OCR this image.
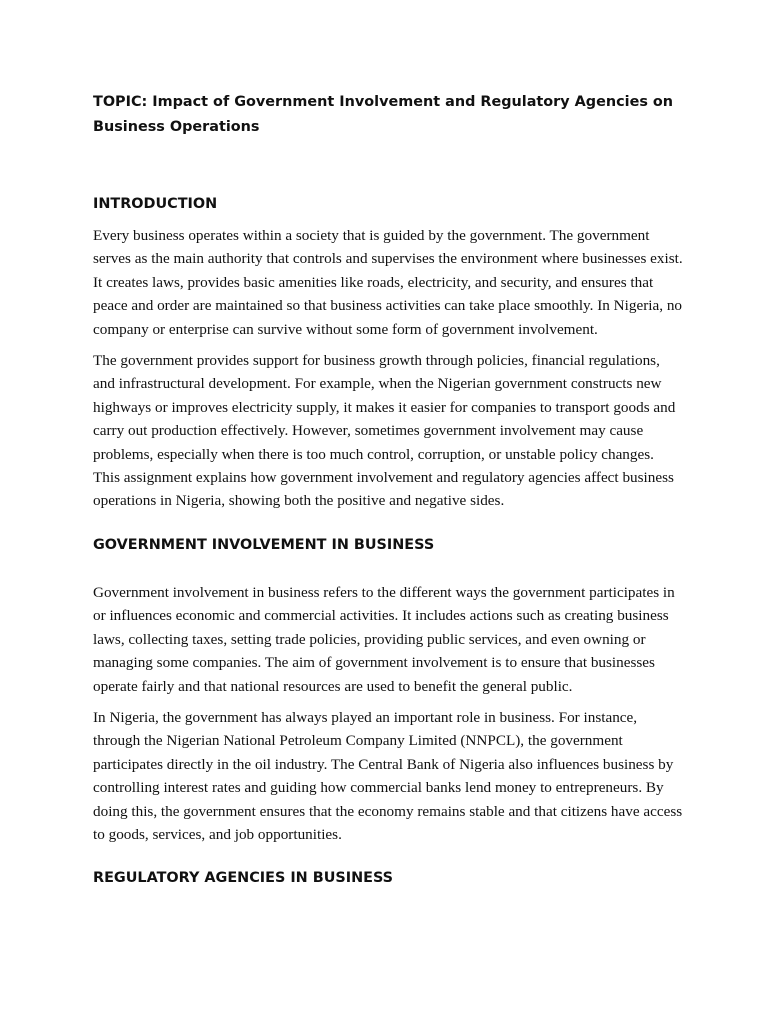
TOPIC: Impact of Government Involvement and Regulatory Agencies on Business Operations
INTRODUCTION

Every business operates within a society that is guided by the government. The government serves as the main authority that controls and supervises the environment where businesses exist. It creates laws, provides basic amenities like roads, electricity, and security, and ensures that peace and order are maintained so that business activities can take place smoothly. In Nigeria, no company or enterprise can survive without some form of government involvement.

The government provides support for business growth through policies, financial regulations, and infrastructural development. For example, when the Nigerian government constructs new highways or improves electricity supply, it makes it easier for companies to transport goods and carry out production effectively. However, sometimes government involvement may cause problems, especially when there is too much control, corruption, or unstable policy changes. This assignment explains how government involvement and regulatory agencies affect business operations in Nigeria, showing both the positive and negative sides.

GOVERNMENT INVOLVEMENT IN BUSINESS

Government involvement in business refers to the different ways the government participates in or influences economic and commercial activities. It includes actions such as creating business laws, collecting taxes, setting trade policies, providing public services, and even owning or managing some companies. The aim of government involvement is to ensure that businesses operate fairly and that national resources are used to benefit the general public.

In Nigeria, the government has always played an important role in business. For instance, through the Nigerian National Petroleum Company Limited (NNPCL), the government participates directly in the oil industry. The Central Bank of Nigeria also influences business by controlling interest rates and guiding how commercial banks lend money to entrepreneurs. By doing this, the government ensures that the economy remains stable and that citizens have access to goods, services, and job opportunities.

REGULATORY AGENCIES IN BUSINESS
